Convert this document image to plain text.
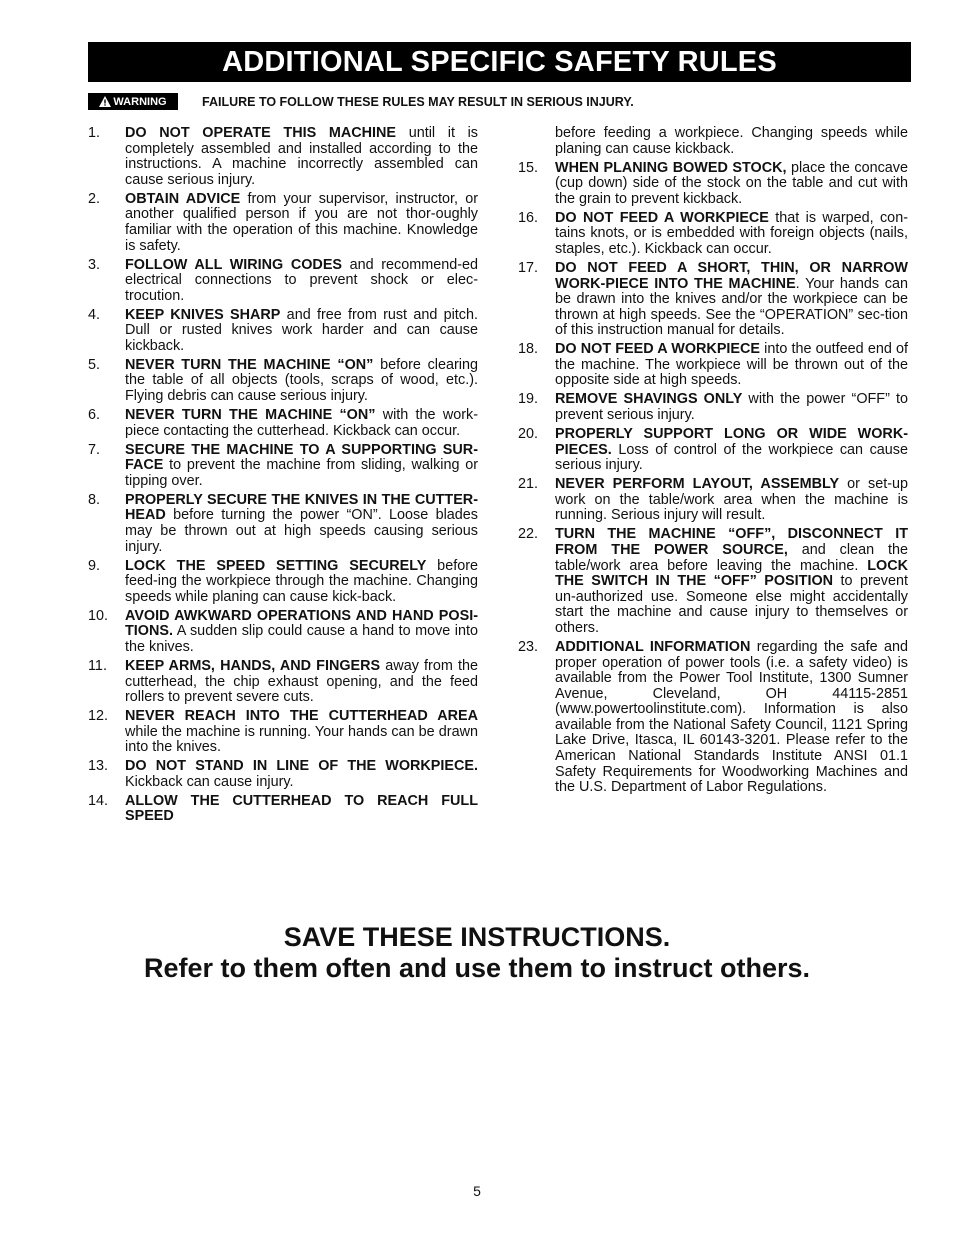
ADDITIONAL SPECIFIC SAFETY RULES
WARNING	FAILURE TO FOLLOW THESE RULES MAY RESULT IN SERIOUS INJURY.
1. DO NOT OPERATE THIS MACHINE until it is completely assembled and installed according to the instructions. A machine incorrectly assembled can cause serious injury.
2. OBTAIN ADVICE from your supervisor, instructor, or another qualified person if you are not thor-oughly familiar with the operation of this machine. Knowledge is safety.
3. FOLLOW ALL WIRING CODES and recommend-ed electrical connections to prevent shock or elec-trocution.
4. KEEP KNIVES SHARP and free from rust and pitch. Dull or rusted knives work harder and can cause kickback.
5. NEVER TURN THE MACHINE “ON” before clearing the table of all objects (tools, scraps of wood, etc.). Flying debris can cause serious injury.
6. NEVER TURN THE MACHINE “ON” with the work-piece contacting the cutterhead. Kickback can occur.
7. SECURE THE MACHINE TO A SUPPORTING SUR-FACE to prevent the machine from sliding, walking or tipping over.
8. PROPERLY SECURE THE KNIVES IN THE CUTTER-HEAD before turning the power “ON”. Loose blades may be thrown out at high speeds causing serious injury.
9. LOCK THE SPEED SETTING SECURELY before feed-ing the workpiece through the machine. Changing speeds while planing can cause kick-back.
10. AVOID AWKWARD OPERATIONS AND HAND POSI-TIONS. A sudden slip could cause a hand to move into the knives.
11. KEEP ARMS, HANDS, AND FINGERS away from the cutterhead, the chip exhaust opening, and the feed rollers to prevent severe cuts.
12. NEVER REACH INTO THE CUTTERHEAD AREA while the machine is running. Your hands can be drawn into the knives.
13. DO NOT STAND IN LINE OF THE WORKPIECE. Kickback can cause injury.
14. ALLOW THE CUTTERHEAD TO REACH FULL SPEED
before feeding a workpiece. Changing speeds while planing can cause kickback.
15. WHEN PLANING BOWED STOCK, place the concave (cup down) side of the stock on the table and cut with the grain to prevent kickback.
16. DO NOT FEED A WORKPIECE that is warped, con-tains knots, or is embedded with foreign objects (nails, staples, etc.). Kickback can occur.
17. DO NOT FEED A SHORT, THIN, OR NARROW WORK-PIECE INTO THE MACHINE. Your hands can be drawn into the knives and/or the workpiece can be thrown at high speeds. See the “OPERATION” sec-tion of this instruction manual for details.
18. DO NOT FEED A WORKPIECE into the outfeed end of the machine. The workpiece will be thrown out of the opposite side at high speeds.
19. REMOVE SHAVINGS ONLY with the power “OFF” to prevent serious injury.
20. PROPERLY SUPPORT LONG OR WIDE WORK-PIECES. Loss of control of the workpiece can cause serious injury.
21. NEVER PERFORM LAYOUT, ASSEMBLY or set-up work on the table/work area when the machine is running. Serious injury will result.
22. TURN THE MACHINE “OFF”, DISCONNECT IT FROM THE POWER SOURCE, and clean the table/work area before leaving the machine. LOCK THE SWITCH IN THE “OFF” POSITION to prevent un-authorized use. Someone else might accidentally start the machine and cause injury to themselves or others.
23. ADDITIONAL INFORMATION regarding the safe and proper operation of power tools (i.e. a safety video) is available from the Power Tool Institute, 1300 Sumner Avenue, Cleveland, OH 44115-2851 (www.powertoolinstitute.com). Information is also available from the National Safety Council, 1121 Spring Lake Drive, Itasca, IL 60143-3201. Please refer to the American National Standards Institute ANSI 01.1 Safety Requirements for Woodworking Machines and the U.S. Department of Labor Regulations.
SAVE THESE INSTRUCTIONS.
Refer to them often and use them to instruct others.
5
